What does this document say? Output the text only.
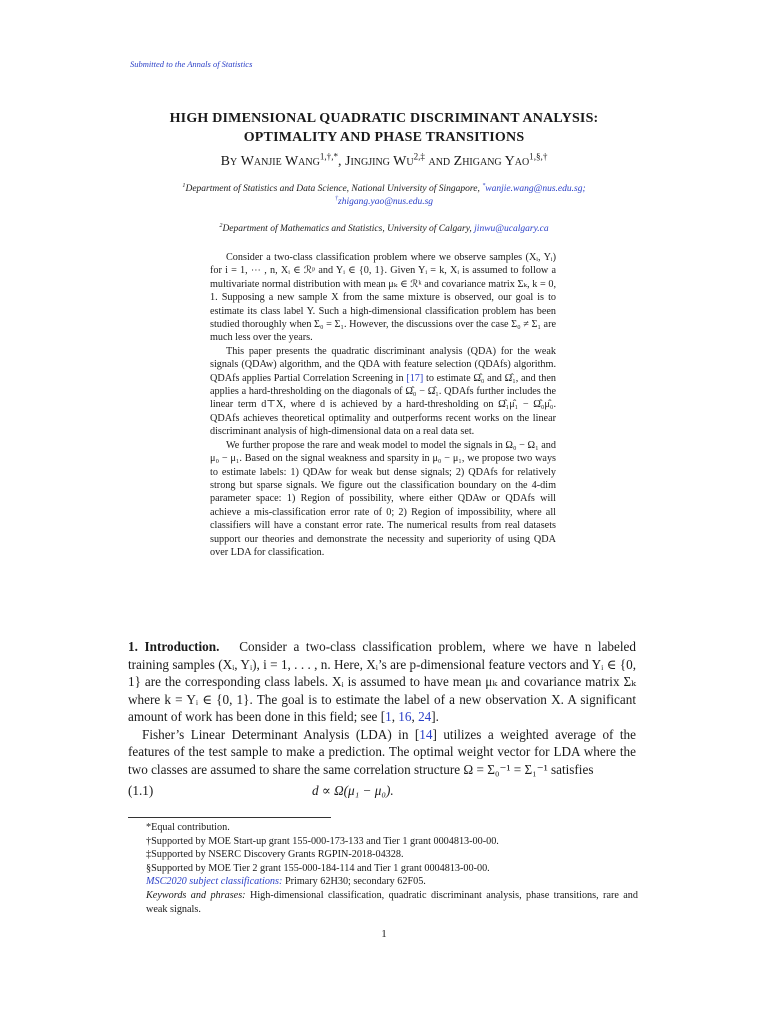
Submitted to the Annals of Statistics
HIGH DIMENSIONAL QUADRATIC DISCRIMINANT ANALYSIS:
OPTIMALITY AND PHASE TRANSITIONS
By Wanjie Wang$^{1,\dagger,*}$, Jingjing $Wu^{2,\ddagger}$ and Zhigang Yao$^{1,\S,\dagger}$
$^1$Department of Statistics and Data Science, National University of Singapore, *wanjie.wang@nus.edu.sg;
†zhigang.yao@nus.edu.sg
$^2$Department of Mathematics and Statistics, University of Calgary, jinwu@ucalgary.ca

Consider a two-class classification problem where we observe samples (Xᵢ, Yᵢ) for i = 1, ⋯ , n, Xᵢ ∈ ℛᵖ and Yᵢ ∈ {0, 1}. Given Yᵢ = k, Xᵢ is assumed to follow a multivariate normal distribution with mean μₖ ∈ ℛᵏ and covariance matrix Σₖ, k = 0, 1. Supposing a new sample X from the same mixture is observed, our goal is to estimate its class label Y. Such a high-dimensional classification problem has been studied thoroughly when Σ₀ = Σ₁. However, the discussions over the case Σ₀ ≠ Σ₁ are much less over the years.

This paper presents the quadratic discriminant analysis (QDA) for the weak signals (QDAw) algorithm, and the QDA with feature selection (QDAfs) algorithm. QDAfs applies Partial Correlation Screening in [17] to estimate Ω̂₀ and Ω̂₁, and then applies a hard-thresholding on the diagonals of Ω̂₀ − Ω̂₁. QDAfs further includes the linear term d⊤X, where d is achieved by a hard-thresholding on Ω̂₁μ̂₁ − Ω̂₀μ̂₀. QDAfs achieves theoretical optimality and outperforms recent works on the linear discriminant analysis of high-dimensional data on a real data set.

We further propose the rare and weak model to model the signals in Ω₀ − Ω₁ and μ₀ − μ₁. Based on the signal weakness and sparsity in μ₀ − μ₁, we propose two ways to estimate labels: 1) QDAw for weak but dense signals; 2) QDAfs for relatively strong but sparse signals. We figure out the classification boundary on the 4-dim parameter space: 1) Region of possibility, where either QDAw or QDAfs will achieve a mis-classification error rate of 0; 2) Region of impossibility, where all classifiers will have a constant error rate. The numerical results from real datasets support our theories and demonstrate the necessity and superiority of using QDA over LDA for classification.

1. Introduction. Consider a two-class classification problem, where we have n labeled training samples (Xᵢ, Yᵢ), i = 1, . . . , n. Here, Xᵢ’s are p-dimensional feature vectors and Yᵢ ∈ {0, 1} are the corresponding class labels. Xᵢ is assumed to have mean μₖ and covariance matrix Σₖ where k = Yᵢ ∈ {0, 1}. The goal is to estimate the label of a new observation X. A significant amount of work has been done in this field; see [1, 16, 24].

Fisher’s Linear Determinant Analysis (LDA) in [14] utilizes a weighted average of the features of the test sample to make a prediction. The optimal weight vector for LDA where the two classes are assumed to share the same correlation structure Ω = Σ₀⁻¹ = Σ₁⁻¹ satisfies

(1.1)	d ∝ Ω(μ₁ − μ₀).
*Equal contribution.
†Supported by MOE Start-up grant 155-000-173-133 and Tier 1 grant 0004813-00-00.
‡Supported by NSERC Discovery Grants RGPIN-2018-04328.
§Supported by MOE Tier 2 grant 155-000-184-114 and Tier 1 grant 0004813-00-00.
MSC2020 subject classifications: Primary 62H30; secondary 62F05.
Keywords and phrases: High-dimensional classification, quadratic discriminant analysis, phase transitions, rare and weak signals.
1
